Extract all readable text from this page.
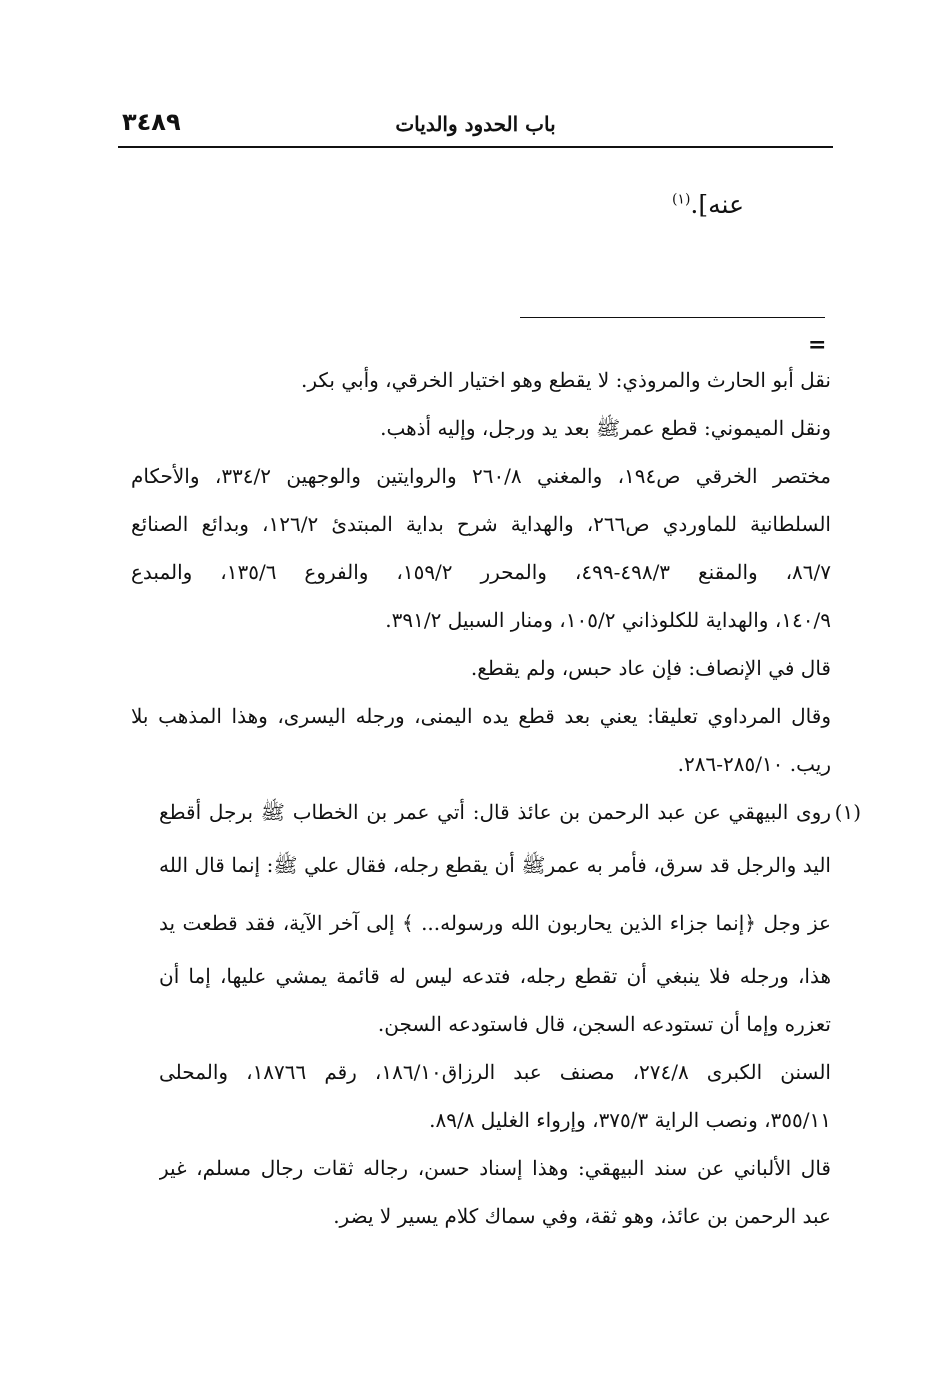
٣٤٨٩	باب الحدود والديات
عنه].$^{(١)}$
=
نقل أبو الحارث والمروذي: لا يقطع وهو اختيار الخرقي، وأبي بكر.
ونقل الميموني: قطع عمرﷺ بعد يد ورجل، وإليه أذهب.
مختصر الخرقي ص١٩٤، والمغني ٢٦٠/٨ والروايتين والوجهين ٣٣٤/٢، والأحكام
السلطانية للماوردي ص٢٦٦، والهداية شرح بداية المبتدئ ١٢٦/٢، وبدائع الصنائع
٨٦/٧، والمقنع ٤٩٨/٣-٤٩٩، والمحرر ١٥٩/٢، والفروع ١٣٥/٦، والمبدع
١٤٠/٩، والهداية للكلوذاني ١٠٥/٢، ومنار السبيل ٣٩١/٢.
قال في الإنصاف: فإن عاد حبس، ولم يقطع.
وقال المرداوي تعليقا: يعني بعد قطع يده اليمنى، ورجله اليسرى، وهذا المذهب بلا
ريب. ٢٨٥/١٠-٢٨٦.
(١)
روى البيهقي عن عبد الرحمن بن عائذ قال: أتي عمر بن الخطاب ﷺ برجل أقطع
اليد والرجل قد سرق، فأمر به عمرﷺ أن يقطع رجله، فقال علي ﷺ: إنما قال الله
عز وجل ﴿إنما جزاء الذين يحاربون الله ورسوله... ﴾ إلى آخر الآية، فقد قطعت يد
هذا، ورجله فلا ينبغي أن تقطع رجله، فتدعه ليس له قائمة يمشي عليها، إما أن
تعزره وإما أن تستودعه السجن، قال فاستودعه السجن.
السنن الكبرى ٢٧٤/٨، مصنف عبد الرزاق١٨٦/١٠، رقم ١٨٧٦٦، والمحلى
٣٥٥/١١، ونصب الراية ٣٧٥/٣، وإرواء الغليل ٨٩/٨.
قال الألباني عن سند البيهقي: وهذا إسناد حسن، رجاله ثقات رجال مسلم، غير
عبد الرحمن بن عائذ، وهو ثقة، وفي سماك كلام يسير لا يضر.
